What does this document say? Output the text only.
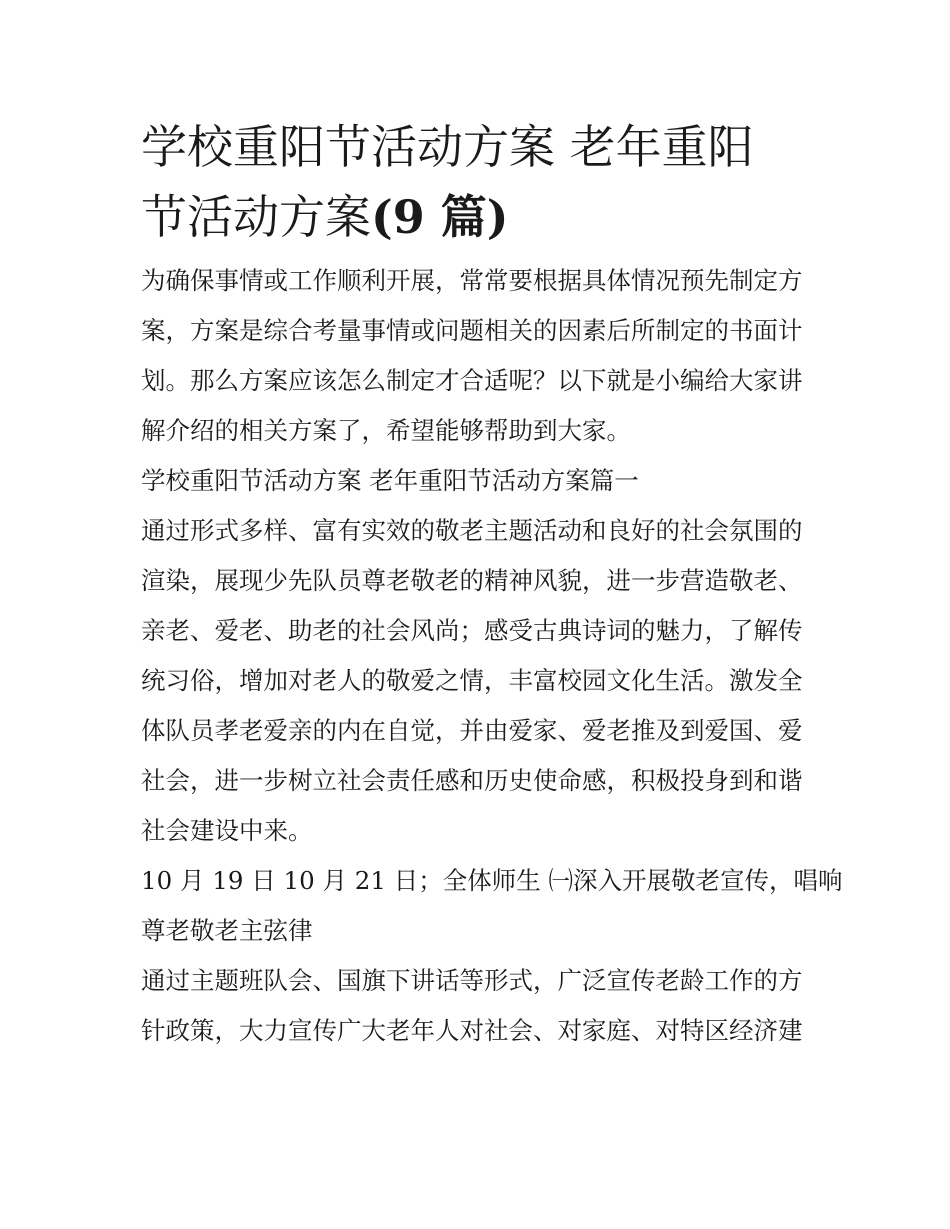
学校重阳节活动方案 老年重阳
节活动方案(9 篇)

为确保事情或工作顺利开展，常常要根据具体情况预先制定方
案，方案是综合考量事情或问题相关的因素后所制定的书面计
划。那么方案应该怎么制定才合适呢？以下就是小编给大家讲
解介绍的相关方案了，希望能够帮助到大家。

学校重阳节活动方案 老年重阳节活动方案篇一

通过形式多样、富有实效的敬老主题活动和良好的社会氛围的
渲染，展现少先队员尊老敬老的精神风貌，进一步营造敬老、
亲老、爱老、助老的社会风尚；感受古典诗词的魅力，了解传
统习俗，增加对老人的敬爱之情，丰富校园文化生活。激发全
体队员孝老爱亲的内在自觉，并由爱家、爱老推及到爱国、爱
社会，进一步树立社会责任感和历史使命感，积极投身到和谐
社会建设中来。

10 月 19 日 10 月 21 日；全体师生 ㈠深入开展敬老宣传，唱响
尊老敬老主弦律

通过主题班队会、国旗下讲话等形式，广泛宣传老龄工作的方
针政策，大力宣传广大老年人对社会、对家庭、对特区经济建
